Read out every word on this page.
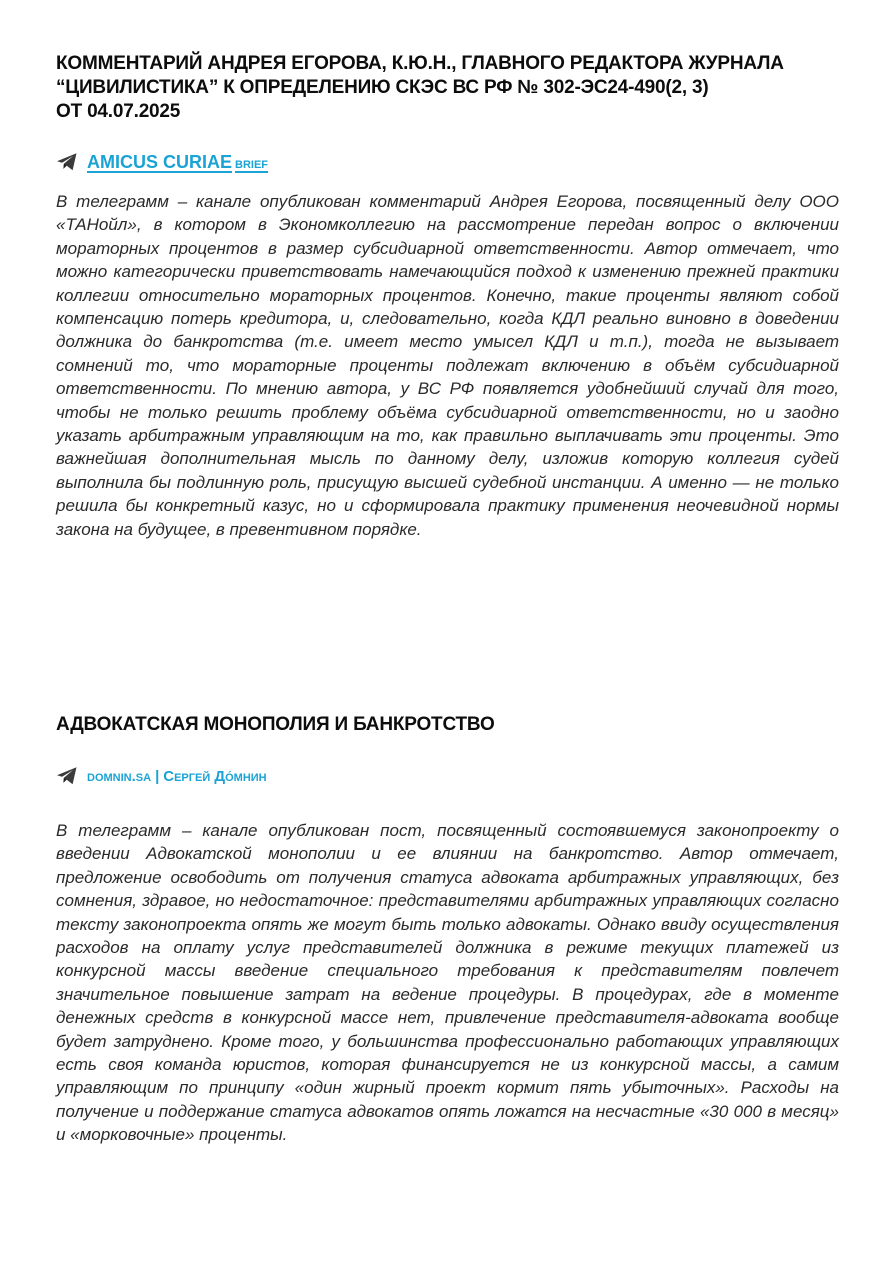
КОММЕНТАРИЙ АНДРЕЯ ЕГОРОВА, К.Ю.Н., ГЛАВНОГО РЕДАКТОРА ЖУРНАЛА
“ЦИВИЛИСТИКА” К ОПРЕДЕЛЕНИЮ СКЭС ВС РФ № 302-ЭС24-490(2, 3)
ОТ 04.07.2025
AMICUS CURIAE BRIEF

В телеграмм – канале опубликован комментарий Андрея Егорова, посвященный делу ООО «ТАНойл», в котором в Экономколлегию на рассмотрение передан вопрос о включении мораторных процентов в размер субсидиарной ответственности. Автор отмечает, что можно категорически приветствовать намечающийся подход к изменению прежней практики коллегии относительно мораторных процентов. Конечно, такие проценты являют собой компенсацию потерь кредитора, и, следовательно, когда КДЛ реально виновно в доведении должника до банкротства (т.е. имеет место умысел КДЛ и т.п.), тогда не вызывает сомнений то, что мораторные проценты подлежат включению в объём субсидиарной ответственности. По мнению автора, у ВС РФ появляется удобнейший случай для того, чтобы не только решить проблему объёма субсидиарной ответственности, но и заодно указать арбитражным управляющим на то, как правильно выплачивать эти проценты. Это важнейшая дополнительная мысль по данному делу, изложив которую коллегия судей выполнила бы подлинную роль, присущую высшей судебной инстанции. А именно — не только решила бы конкретный казус, но и сформировала практику применения неочевидной нормы закона на будущее, в превентивном порядке.

АДВОКАТСКАЯ МОНОПОЛИЯ И БАНКРОТСТВО
domnin.sa | Сергей Дóмнин

В телеграмм – канале опубликован пост, посвященный состоявшемуся законопроекту о введении Адвокатской монополии и ее влиянии на банкротство. Автор отмечает, предложение освободить от получения статуса адвоката арбитражных управляющих, без сомнения, здравое, но недостаточное: представителями арбитражных управляющих согласно тексту законопроекта опять же могут быть только адвокаты. Однако ввиду осуществления расходов на оплату услуг представителей должника в режиме текущих платежей из конкурсной массы введение специального требования к представителям повлечет значительное повышение затрат на ведение процедуры. В процедурах, где в моменте денежных средств в конкурсной массе нет, привлечение представителя-адвоката вообще будет затруднено. Кроме того, у большинства профессионально работающих управляющих есть своя команда юристов, которая финансируется не из конкурсной массы, а самим управляющим по принципу «один жирный проект кормит пять убыточных». Расходы на получение и поддержание статуса адвокатов опять ложатся на несчастные «30 000 в месяц» и «морковочные» проценты.
